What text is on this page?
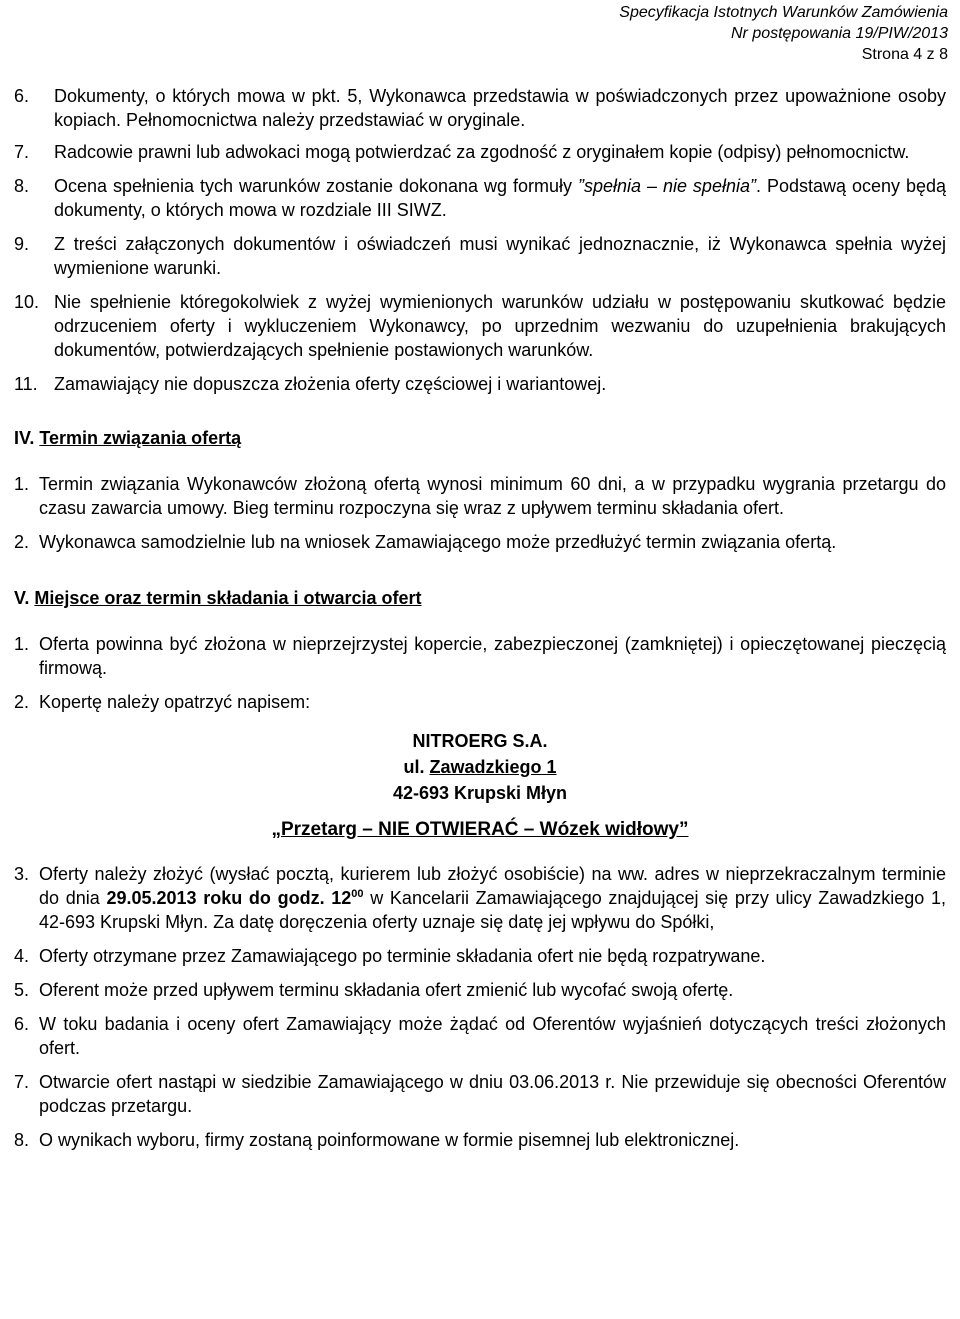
Specyfikacja Istotnych Warunków Zamówienia
Nr postępowania 19/PIW/2013
Strona 4 z 8
6.	Dokumenty, o których mowa w pkt. 5, Wykonawca przedstawia w poświadczonych przez upoważnione osoby kopiach. Pełnomocnictwa należy przedstawiać w oryginale.
7.	Radcowie prawni lub adwokaci mogą potwierdzać za zgodność z oryginałem kopie (odpisy) pełnomocnictw.
8.	Ocena spełnienia tych warunków zostanie dokonana wg formuły ”spełnia – nie spełnia”. Podstawą oceny będą dokumenty, o których mowa w rozdziale III SIWZ.
9.	Z treści załączonych dokumentów i oświadczeń musi wynikać jednoznacznie, iż Wykonawca spełnia wyżej wymienione warunki.
10. Nie spełnienie któregokolwiek z wyżej wymienionych warunków udziału w postępowaniu skutkować będzie odrzuceniem oferty i wykluczeniem Wykonawcy, po uprzednim wezwaniu do uzupełnienia brakujących dokumentów, potwierdzających spełnienie postawionych warunków.
11. Zamawiający nie dopuszcza złożenia oferty częściowej i wariantowej.
IV. Termin związania ofertą
1. Termin związania Wykonawców złożoną ofertą wynosi minimum 60 dni, a w przypadku wygrania przetargu do czasu zawarcia umowy. Bieg terminu rozpoczyna się wraz z upływem terminu składania ofert.
2. Wykonawca samodzielnie lub na wniosek Zamawiającego może przedłużyć termin związania ofertą.
V. Miejsce oraz termin składania i otwarcia ofert
1. Oferta powinna być złożona w nieprzejrzystej kopercie, zabezpieczonej (zamkniętej) i opieczętowanej pieczęcią firmową.
2. Kopertę należy opatrzyć napisem:
NITROERG S.A.
ul. Zawadzkiego 1
42-693 Krupski Młyn
„Przetarg – NIE OTWIERAĆ – Wózek widłowy”
3. Oferty należy złożyć (wysłać pocztą, kurierem lub złożyć osobiście) na ww. adres w nieprzekraczalnym terminie do dnia 29.05.2013 roku do godz. $12^{00}$ w Kancelarii Zamawiającego znajdującej się przy ulicy Zawadzkiego 1, 42-693 Krupski Młyn. Za datę doręczenia oferty uznaje się datę jej wpływu do Spółki,
4. Oferty otrzymane przez Zamawiającego po terminie składania ofert nie będą rozpatrywane.
5. Oferent może przed upływem terminu składania ofert zmienić lub wycofać swoją ofertę.
6. W toku badania i oceny ofert Zamawiający może żądać od Oferentów wyjaśnień dotyczących treści złożonych ofert.
7. Otwarcie ofert nastąpi w siedzibie Zamawiającego w dniu 03.06.2013 r. Nie przewiduje się obecności Oferentów podczas przetargu.
8. O wynikach wyboru, firmy zostaną poinformowane w formie pisemnej lub elektronicznej.
